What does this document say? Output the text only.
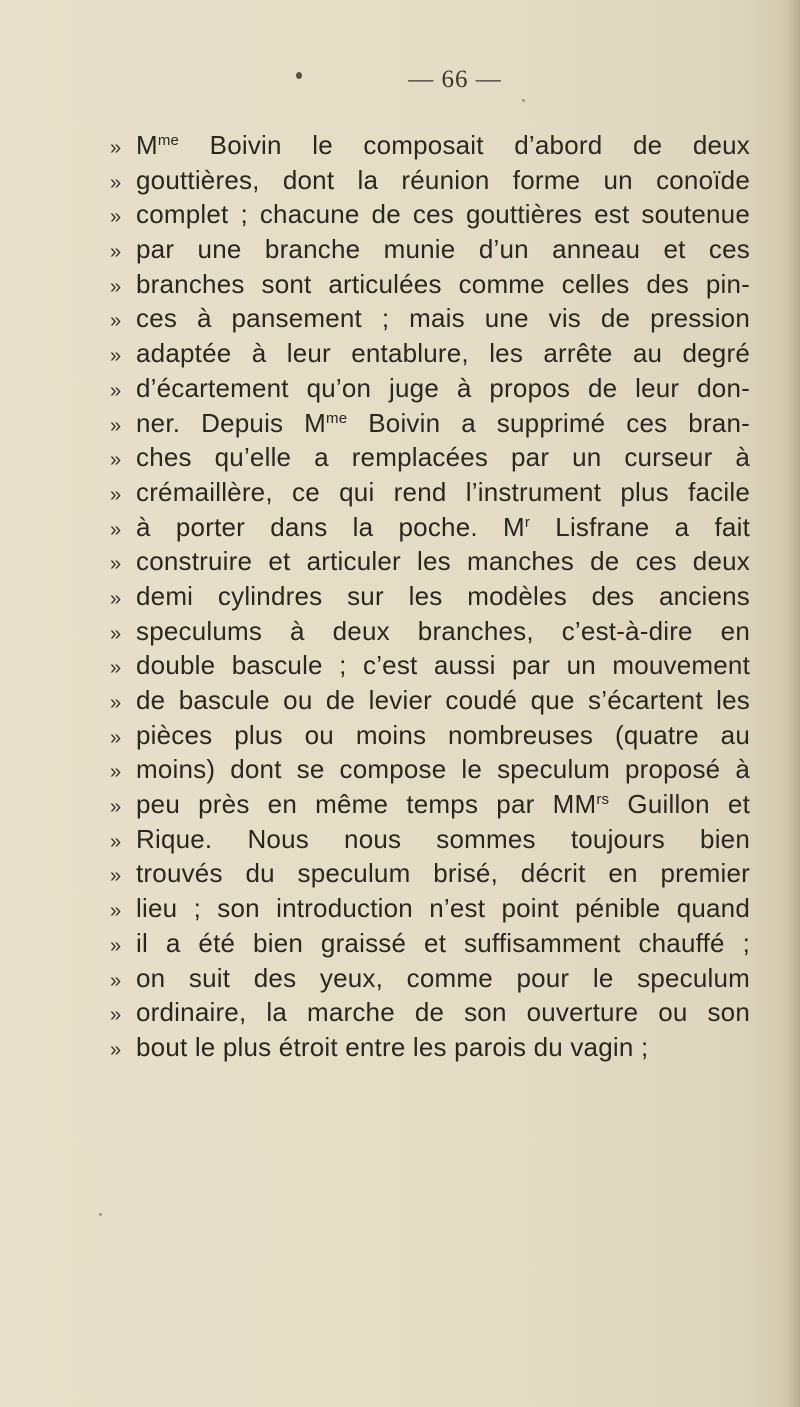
— 66 —
» $M^{me}$ Boivin le composait d’abord de deux
» gouttières, dont la réunion forme un conoïde
» complet ; chacune de ces gouttières est soutenue
» par une branche munie d’un anneau et ces
» branches sont articulées comme celles des pin-
» ces à pansement ; mais une vis de pression
» adaptée à leur entablure, les arrête au degré
» d’écartement qu’on juge à propos de leur don-
» ner. Depuis $M^{me}$ Boivin a supprimé ces bran-
» ches qu’elle a remplacées par un curseur à
» crémaillère, ce qui rend l’instrument plus facile
» à porter dans la poche. $M^r$ Lisfrane a fait
» construire et articuler les manches de ces deux
» demi cylindres sur les modèles des anciens
» speculums à deux branches, c’est-à-dire en
» double bascule ; c’est aussi par un mouvement
» de bascule ou de levier coudé que s’écartent les
» pièces plus ou moins nombreuses (quatre au
» moins) dont se compose le speculum proposé à
» peu près en même temps par $MM^{rs}$ Guillon et
» Rique. Nous nous sommes toujours bien
» trouvés du speculum brisé, décrit en premier
» lieu ; son introduction n’est point pénible quand
» il a été bien graissé et suffisamment chauffé ;
» on suit des yeux, comme pour le speculum
» ordinaire, la marche de son ouverture ou son
» bout le plus étroit entre les parois du vagin ;
